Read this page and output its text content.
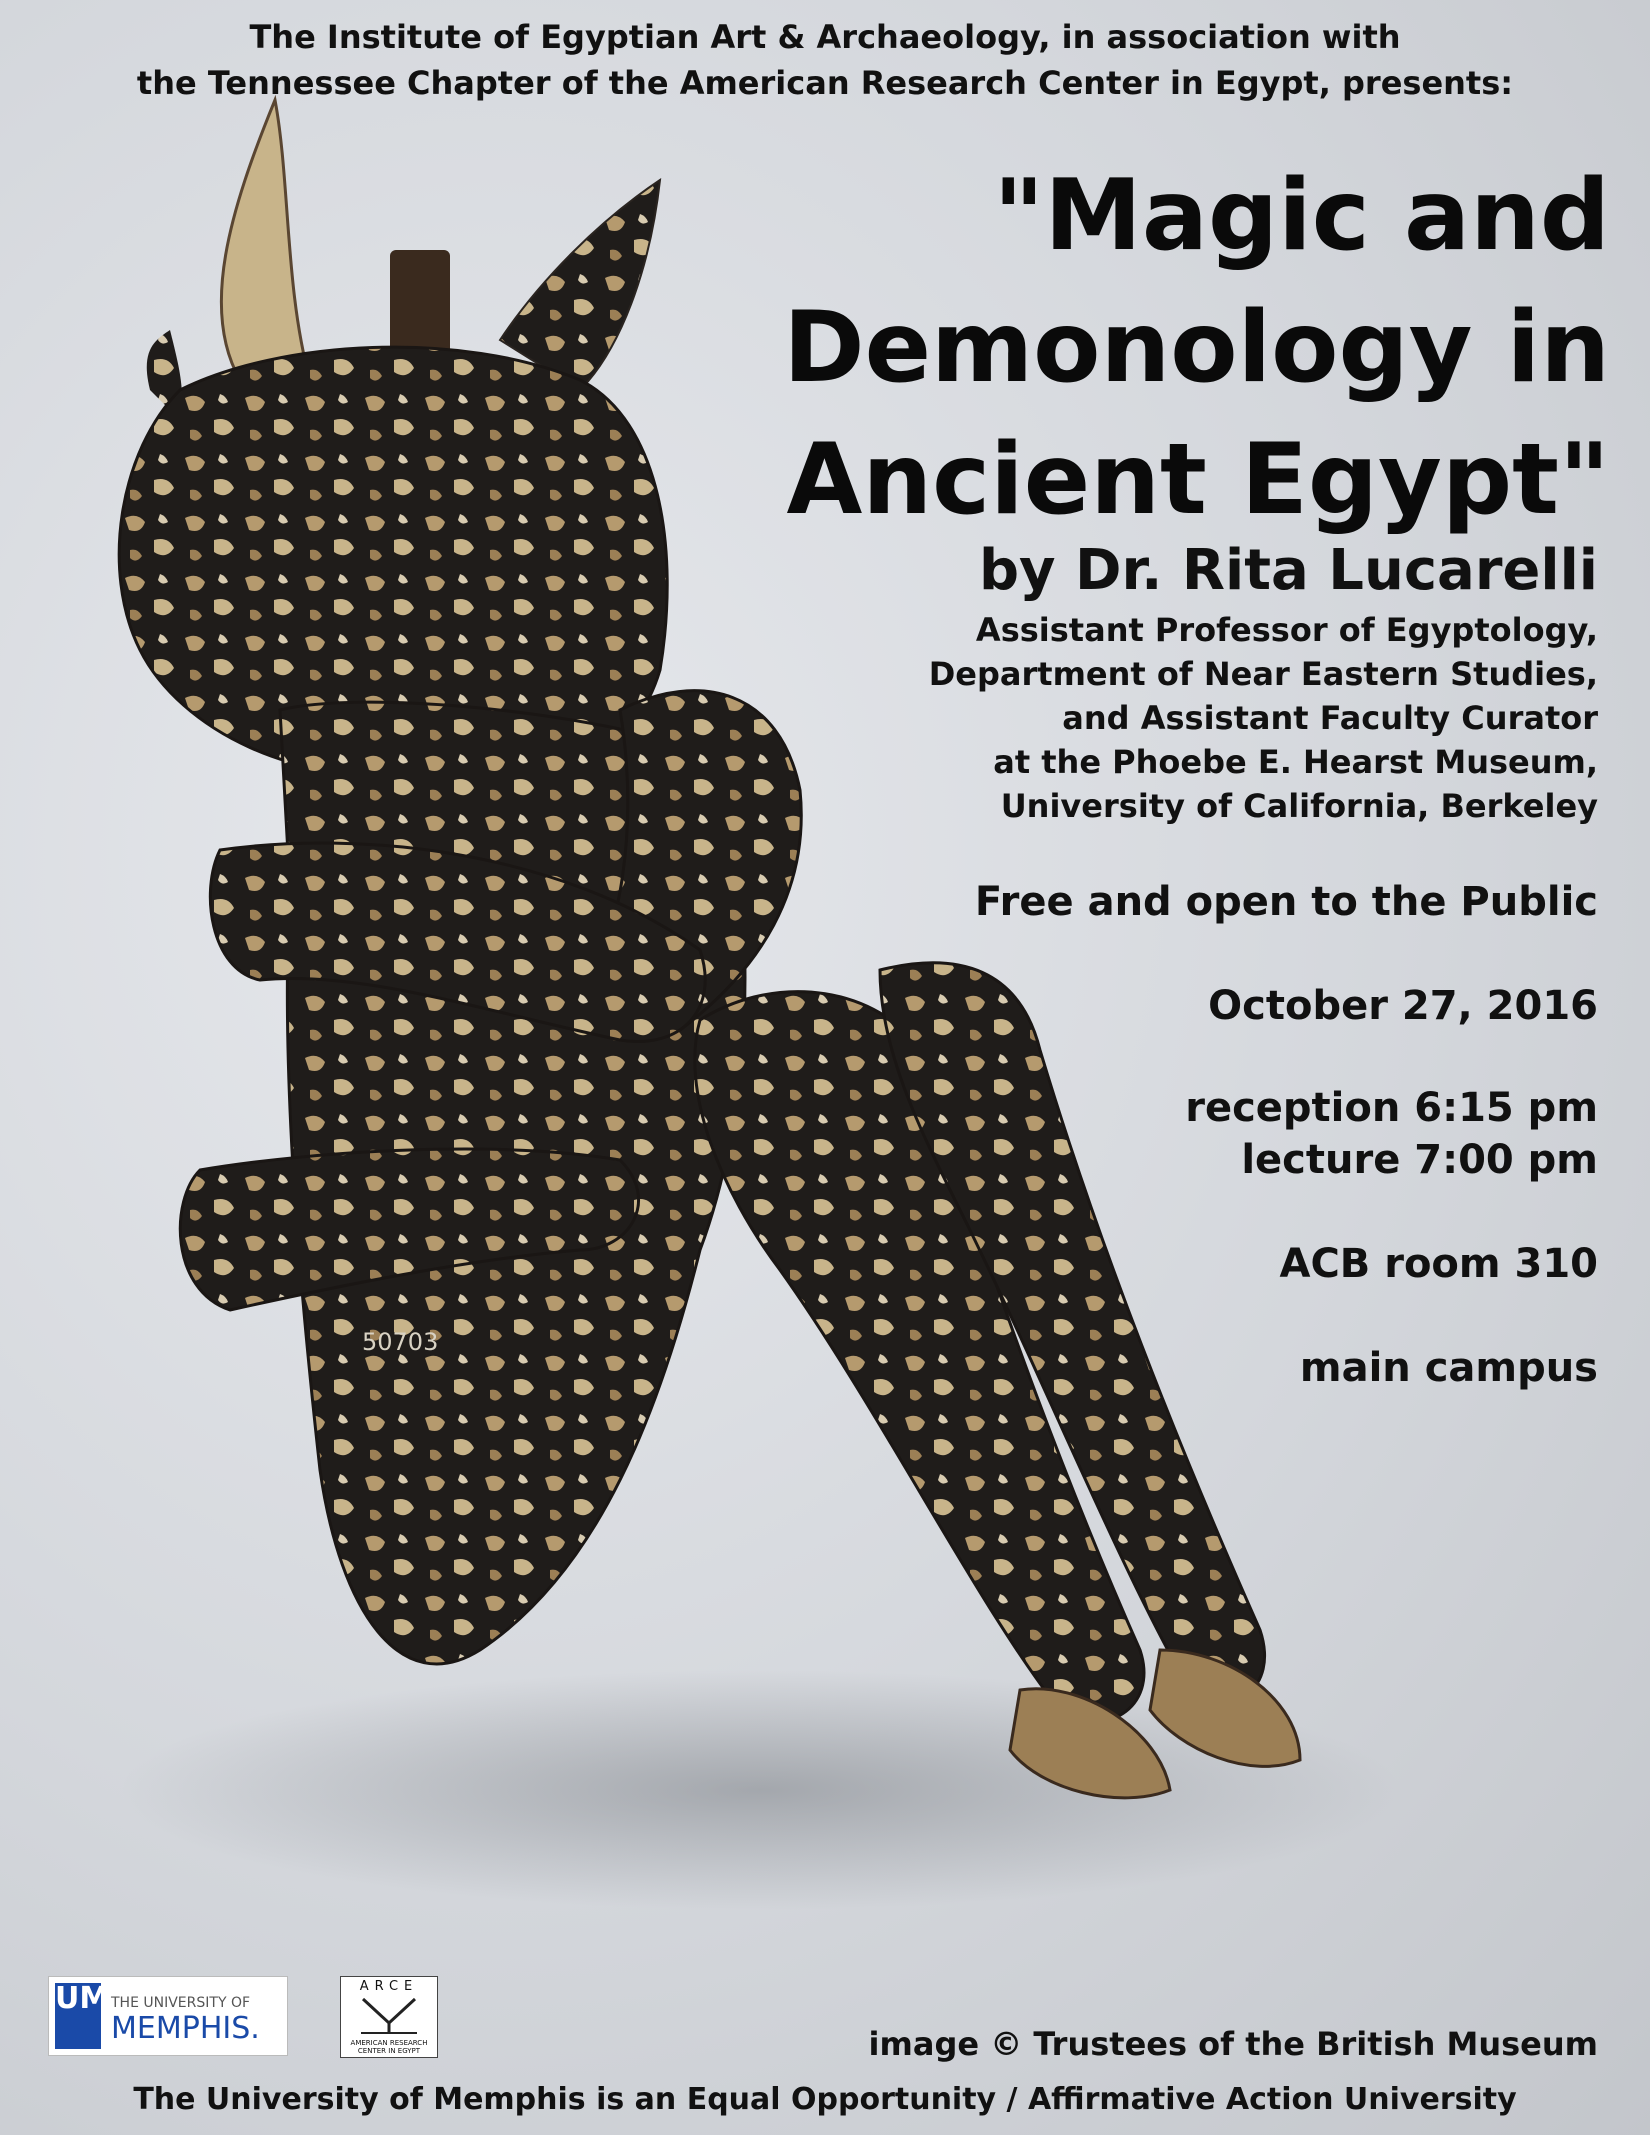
The Institute of Egyptian Art & Archaeology, in association with
the Tennessee Chapter of the American Research Center in Egypt, presents:
50703
"Magic and
Demonology in
Ancient Egypt"
by Dr. Rita Lucarelli
Assistant Professor of Egyptology,
Department of Near Eastern Studies,
and Assistant Faculty Curator
at the Phoebe E. Hearst Museum,
University of California, Berkeley
Free and open to the Public
October 27, 2016
reception 6:15 pm
lecture 7:00 pm
ACB room 310
main campus
UM THE UNIVERSITY OF
MEMPHIS.
ARCE
AMERICAN RESEARCH
CENTER IN EGYPT	image © Trustees of the British Museum
The University of Memphis is an Equal Opportunity / Affirmative Action University
